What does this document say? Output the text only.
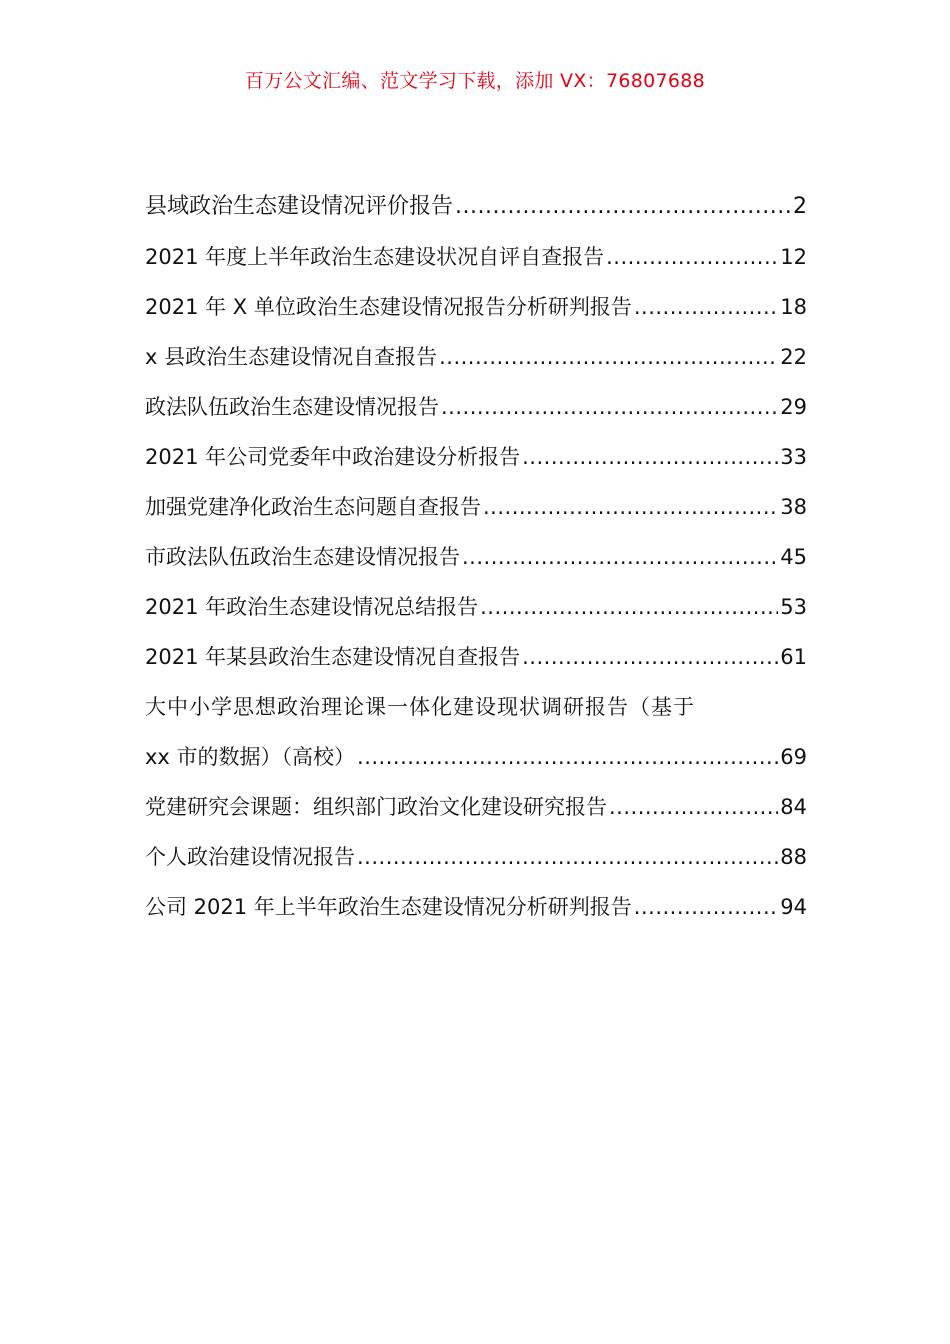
百万公文汇编、范文学习下载，添加 VX：76807688
县域政治生态建设情况评价报告 .....	2
2021 年度上半年政治生态建设状况自评自查报告 .....	12
2021 年 X 单位政治生态建设情况报告分析研判报告 .....	18
x 县政治生态建设情况自查报告 .....	22
政法队伍政治生态建设情况报告 .....	29
2021 年公司党委年中政治建设分析报告 .....	33
加强党建净化政治生态问题自查报告 .....	38
市政法队伍政治生态建设情况报告 .....	45
2021 年政治生态建设情况总结报告 .....	53
2021 年某县政治生态建设情况自查报告 .....	61
大中小学思想政治理论课一体化建设现状调研报告（基于
xx 市的数据）（高校） .....	69
党建研究会课题：组织部门政治文化建设研究报告 .....	84
个人政治建设情况报告 .....	88
公司 2021 年上半年政治生态建设情况分析研判报告 .....	94
